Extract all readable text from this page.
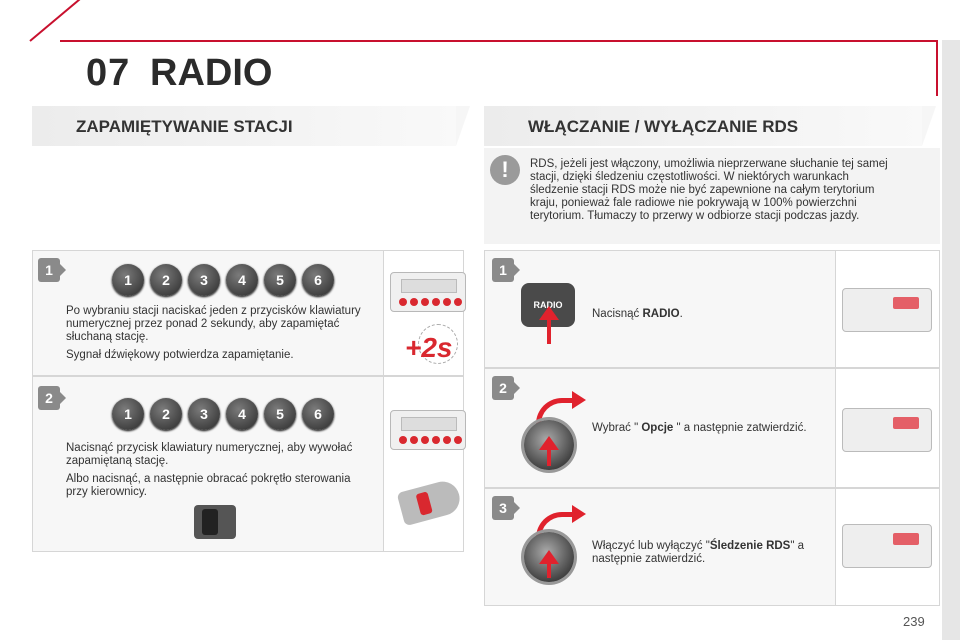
07 RADIO
ZAPAMIĘTYWANIE STACJI
1
1	2	3	4	5	6

Po wybraniu stacji naciskać jeden z przycisków klawiatury numerycznej przez ponad 2 sekundy, aby zapamiętać słuchaną stację.

Sygnał dźwiękowy potwierdza zapamiętanie.	+2s
2
1	2	3	4	5	6

Nacisnąć przycisk klawiatury numerycznej, aby wywołać zapamiętaną stację.

Albo nacisnąć, a następnie obracać pokrętło sterowania przy kierownicy.

WŁĄCZANIE / WYŁĄCZANIE RDS
!	RDS, jeżeli jest włączony, umożliwia nieprzerwane słuchanie tej samej stacji, dzięki śledzeniu częstotliwości. W niektórych warunkach śledzenie stacji RDS może nie być zapewnione na całym terytorium kraju, ponieważ fale radiowe nie pokrywają w 100% powierzchni terytorium. Tłumaczy to przerwy w odbiorze stacji podczas jazdy.
1
RADIO
Nacisnąć RADIO.
2
Wybrać " Opcje " a następnie zatwierdzić.
3
Włączyć lub wyłączyć "Śledzenie RDS" a następnie zatwierdzić.
239
